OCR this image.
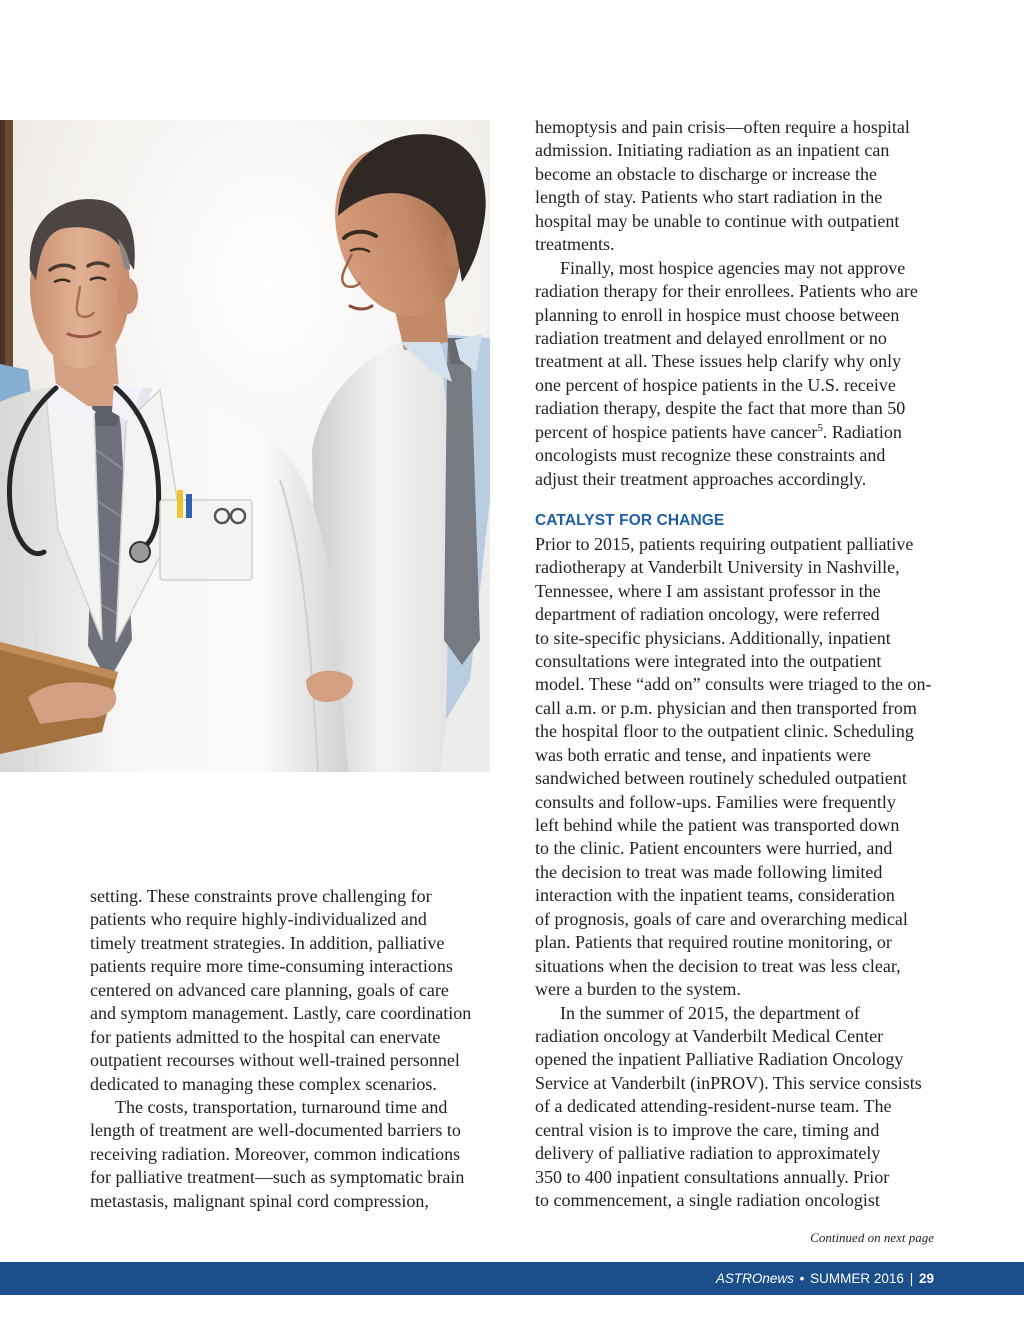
setting. These constraints prove challenging for
patients who require highly-individualized and
timely treatment strategies. In addition, palliative
patients require more time-consuming interactions
centered on advanced care planning, goals of care
and symptom management. Lastly, care coordination
for patients admitted to the hospital can enervate
outpatient recourses without well-trained personnel
dedicated to managing these complex scenarios.

The costs, transportation, turnaround time and
length of treatment are well-documented barriers to
receiving radiation. Moreover, common indications
for palliative treatment—such as symptomatic brain
metastasis, malignant spinal cord compression,

hemoptysis and pain crisis—often require a hospital
admission. Initiating radiation as an inpatient can
become an obstacle to discharge or increase the
length of stay. Patients who start radiation in the
hospital may be unable to continue with outpatient
treatments.

Finally, most hospice agencies may not approve
radiation therapy for their enrollees. Patients who are
planning to enroll in hospice must choose between
radiation treatment and delayed enrollment or no
treatment at all. These issues help clarify why only
one percent of hospice patients in the U.S. receive
radiation therapy, despite the fact that more than 50
percent of hospice patients have cancer$^5$. Radiation
oncologists must recognize these constraints and
adjust their treatment approaches accordingly.

CATALYST FOR CHANGE

Prior to 2015, patients requiring outpatient palliative
radiotherapy at Vanderbilt University in Nashville,
Tennessee, where I am assistant professor in the
department of radiation oncology, were referred
to site-specific physicians. Additionally, inpatient
consultations were integrated into the outpatient
model. These “add on” consults were triaged to the on-
call a.m. or p.m. physician and then transported from
the hospital floor to the outpatient clinic. Scheduling
was both erratic and tense, and inpatients were
sandwiched between routinely scheduled outpatient
consults and follow-ups. Families were frequently
left behind while the patient was transported down
to the clinic. Patient encounters were hurried, and
the decision to treat was made following limited
interaction with the inpatient teams, consideration
of prognosis, goals of care and overarching medical
plan. Patients that required routine monitoring, or
situations when the decision to treat was less clear,
were a burden to the system.

In the summer of 2015, the department of
radiation oncology at Vanderbilt Medical Center
opened the inpatient Palliative Radiation Oncology
Service at Vanderbilt (inPROV). This service consists
of a dedicated attending-resident-nurse team. The
central vision is to improve the care, timing and
delivery of palliative radiation to approximately
350 to 400 inpatient consultations annually. Prior
to commencement, a single radiation oncologist

Continued on next page
ASTROnews • SUMMER 2016 | 29
